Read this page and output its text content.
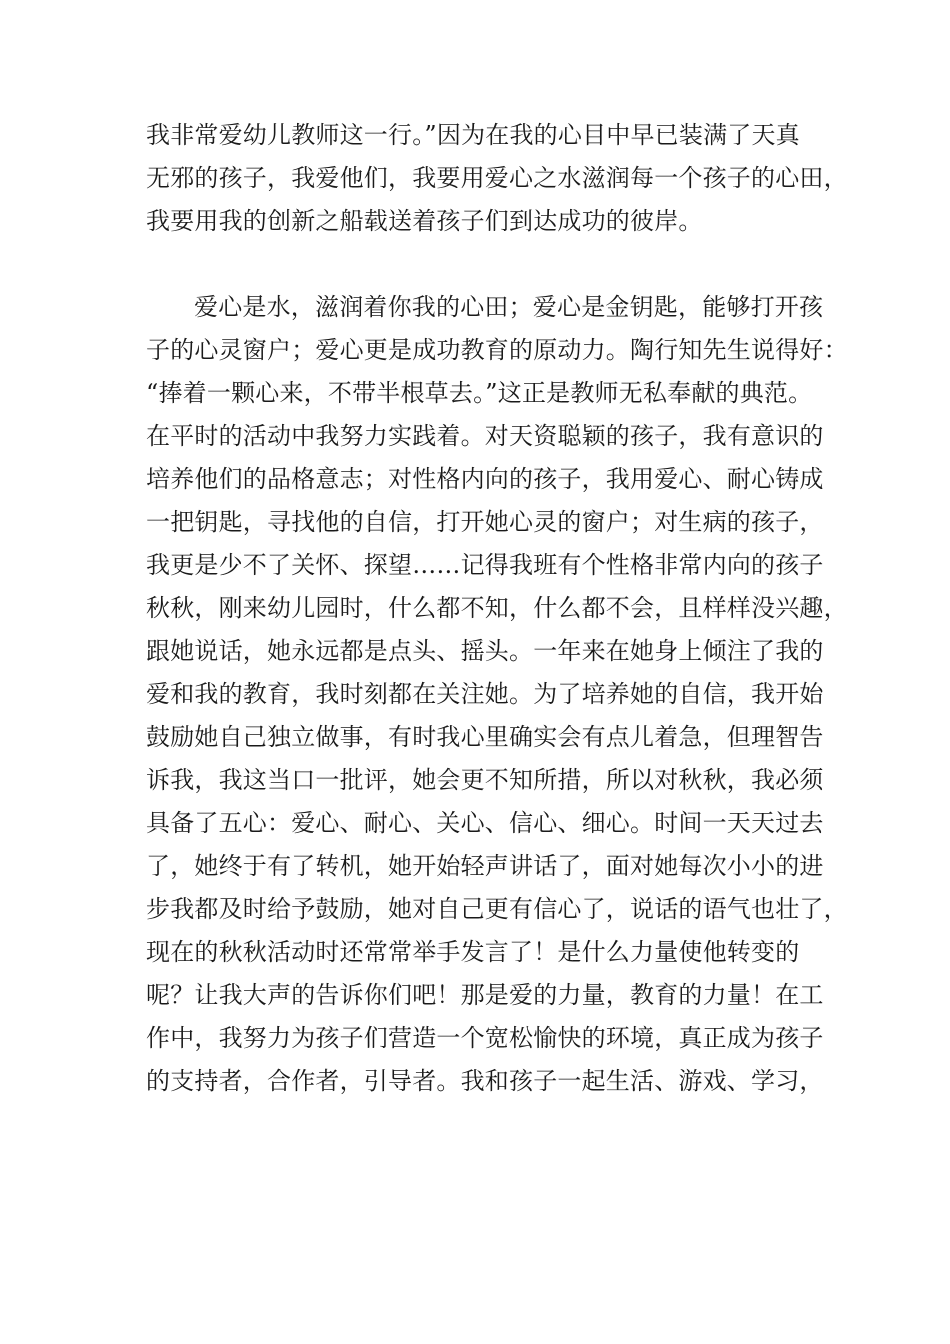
我非常爱幼儿教师这一行。”因为在我的心目中早已装满了天真
无邪的孩子，我爱他们，我要用爱心之水滋润每一个孩子的心田，
我要用我的创新之船载送着孩子们到达成功的彼岸。
爱心是水，滋润着你我的心田；爱心是金钥匙，能够打开孩
子的心灵窗户；爱心更是成功教育的原动力。陶行知先生说得好：
“捧着一颗心来，不带半根草去。”这正是教师无私奉献的典范。
在平时的活动中我努力实践着。对天资聪颖的孩子，我有意识的
培养他们的品格意志；对性格内向的孩子，我用爱心、耐心铸成
一把钥匙，寻找他的自信，打开她心灵的窗户；对生病的孩子，
我更是少不了关怀、探望……记得我班有个性格非常内向的孩子
秋秋，刚来幼儿园时，什么都不知，什么都不会，且样样没兴趣，
跟她说话，她永远都是点头、摇头。一年来在她身上倾注了我的
爱和我的教育，我时刻都在关注她。为了培养她的自信，我开始
鼓励她自己独立做事，有时我心里确实会有点儿着急，但理智告
诉我，我这当口一批评，她会更不知所措，所以对秋秋，我必须
具备了五心：爱心、耐心、关心、信心、细心。时间一天天过去
了，她终于有了转机，她开始轻声讲话了，面对她每次小小的进
步我都及时给予鼓励，她对自己更有信心了，说话的语气也壮了，
现在的秋秋活动时还常常举手发言了！是什么力量使他转变的
呢？让我大声的告诉你们吧！那是爱的力量，教育的力量！在工
作中，我努力为孩子们营造一个宽松愉快的环境，真正成为孩子
的支持者，合作者，引导者。我和孩子一起生活、游戏、学习，
